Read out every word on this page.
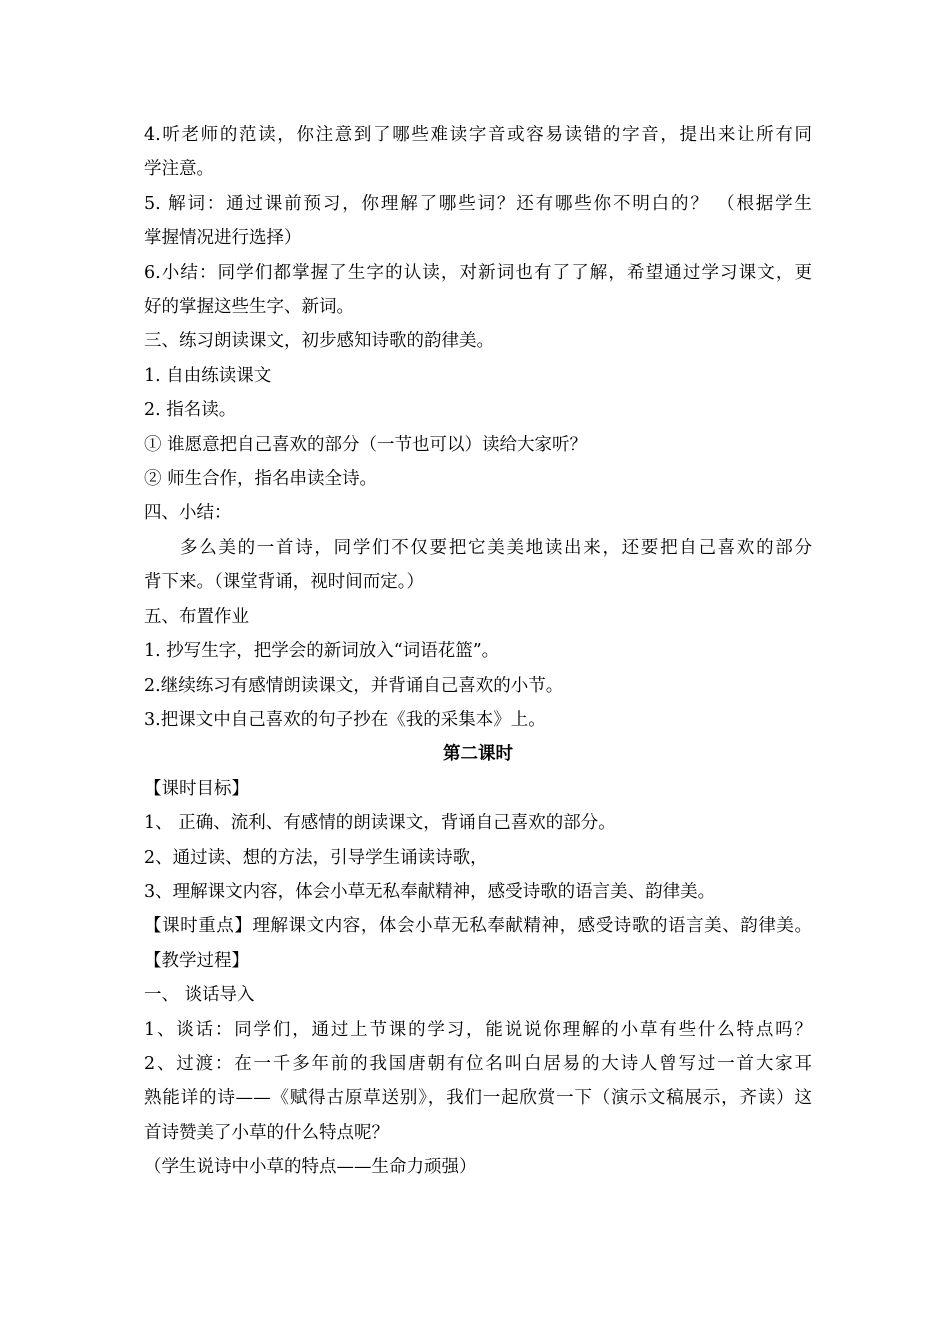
4.听老师的范读，你注意到了哪些难读字音或容易读错的字音，提出来让所有同

学注意。

5. 解词：通过课前预习，你理解了哪些词？还有哪些你不明白的？ （根据学生

掌握情况进行选择）

6.小结：同学们都掌握了生字的认读，对新词也有了了解，希望通过学习课文，更

好的掌握这些生字、新词。

三、练习朗读课文，初步感知诗歌的韵律美。

1. 自由练读课文

2. 指名读。

① 谁愿意把自己喜欢的部分（一节也可以）读给大家听？

② 师生合作，指名串读全诗。

四、小结：

多么美的一首诗，同学们不仅要把它美美地读出来，还要把自己喜欢的部分

背下来。（课堂背诵，视时间而定。）

五、布置作业

1. 抄写生字，把学会的新词放入“词语花篮”。

2.继续练习有感情朗读课文，并背诵自己喜欢的小节。

3.把课文中自己喜欢的句子抄在《我的采集本》上。

第二课时

【课时目标】

1、 正确、流利、有感情的朗读课文，背诵自己喜欢的部分。

2、通过读、想的方法，引导学生诵读诗歌，

3、理解课文内容，体会小草无私奉献精神，感受诗歌的语言美、韵律美。

【课时重点】理解课文内容，体会小草无私奉献精神，感受诗歌的语言美、韵律美。

【教学过程】

一、 谈话导入

1、谈话：同学们，通过上节课的学习，能说说你理解的小草有些什么特点吗？

2、过渡：在一千多年前的我国唐朝有位名叫白居易的大诗人曾写过一首大家耳

熟能详的诗——《赋得古原草送别》，我们一起欣赏一下（演示文稿展示，齐读）这

首诗赞美了小草的什么特点呢？

（学生说诗中小草的特点——生命力顽强）
